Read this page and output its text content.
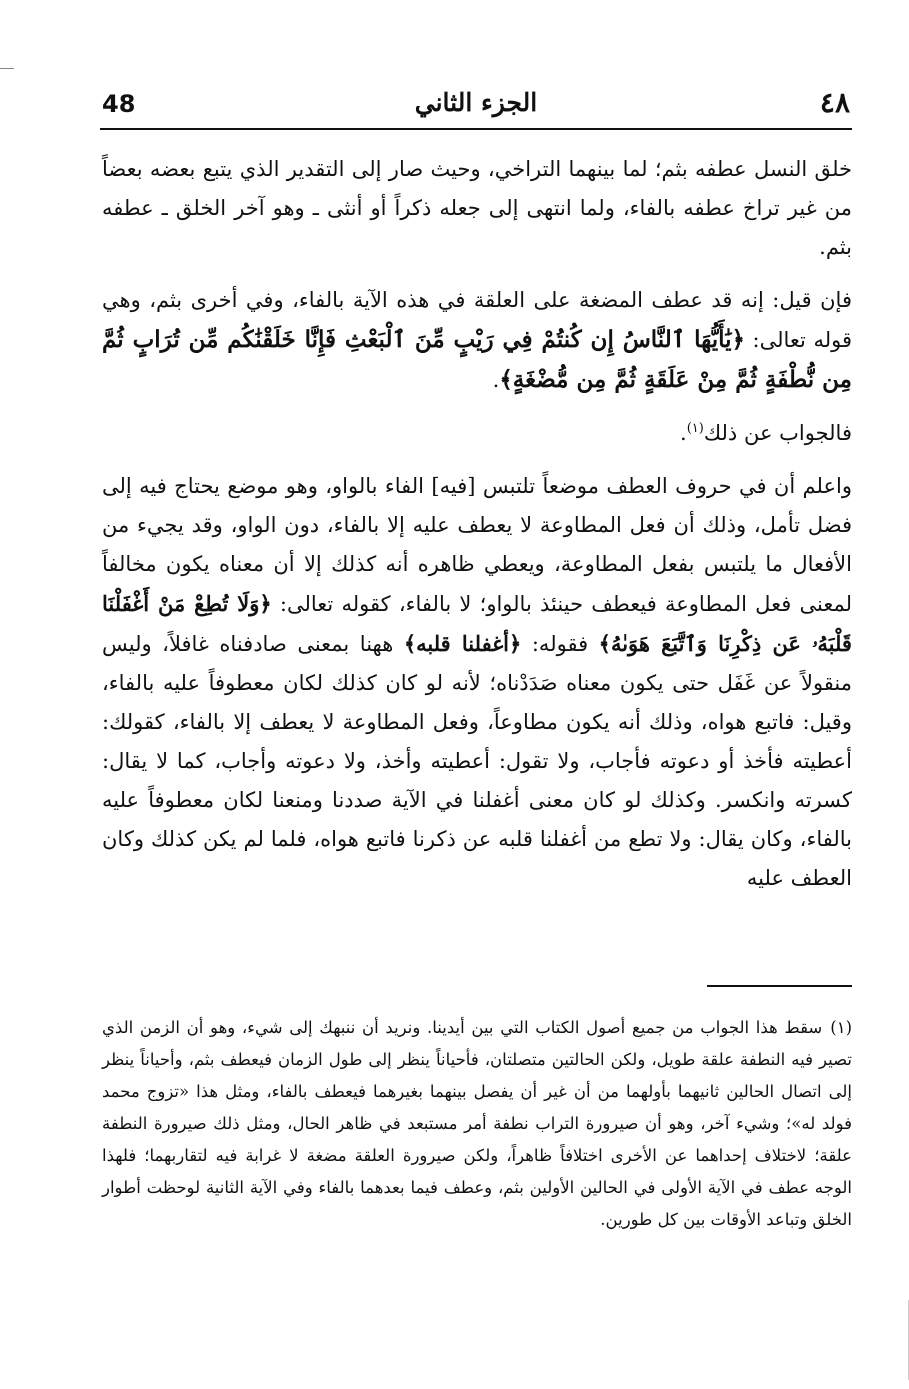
48	الجزء الثاني	٤٨

خلق النسل عطفه بثم؛ لما بينهما التراخي، وحيث صار إلى التقدير الذي يتبع بعضه بعضاً من غير تراخ عطفه بالفاء، ولما انتهى إلى جعله ذكراً أو أنثى ـ وهو آخر الخلق ـ عطفه بثم.

فإن قيل: إنه قد عطف المضغة على العلقة في هذه الآية بالفاء، وفي أخرى بثم، وهي قوله تعالى: ﴿يَٰأَيُّهَا ٱلنَّاسُ إِن كُنتُمْ فِي رَيْبٍ مِّنَ ٱلْبَعْثِ فَإِنَّا خَلَقْنَٰكُم مِّن تُرَابٍ ثُمَّ مِن نُّطْفَةٍ ثُمَّ مِنْ عَلَقَةٍ ثُمَّ مِن مُّضْغَةٍ﴾.

فالجواب عن ذلك$^{(١)}$.

واعلم أن في حروف العطف موضعاً تلتبس [فيه] الفاء بالواو، وهو موضع يحتاج فيه إلى فضل تأمل، وذلك أن فعل المطاوعة لا يعطف عليه إلا بالفاء، دون الواو، وقد يجيء من الأفعال ما يلتبس بفعل المطاوعة، ويعطي ظاهره أنه كذلك إلا أن معناه يكون مخالفاً لمعنى فعل المطاوعة فيعطف حينئذ بالواو؛ لا بالفاء، كقوله تعالى: ﴿وَلَا تُطِعْ مَنْ أَغْفَلْنَا قَلْبَهُۥ عَن ذِكْرِنَا وَٱتَّبَعَ هَوَىٰهُ﴾ فقوله: ﴿أغفلنا قلبه﴾ ههنا بمعنى صادفناه غافلاً، وليس منقولاً عن غَفَل حتى يكون معناه صَدَدْناه؛ لأنه لو كان كذلك لكان معطوفاً عليه بالفاء، وقيل: فاتبع هواه، وذلك أنه يكون مطاوعاً، وفعل المطاوعة لا يعطف إلا بالفاء، كقولك: أعطيته فأخذ أو دعوته فأجاب، ولا تقول: أعطيته وأخذ، ولا دعوته وأجاب، كما لا يقال: كسرته وانكسر. وكذلك لو كان معنى أغفلنا في الآية صددنا ومنعنا لكان معطوفاً عليه بالفاء، وكان يقال: ولا تطع من أغفلنا قلبه عن ذكرنا فاتبع هواه، فلما لم يكن كذلك وكان العطف عليه

(١)سقط هذا الجواب من جميع أصول الكتاب التي بين أيدينا. ونريد أن ننبهك إلى شيء، وهو أن الزمن الذي تصير فيه النطفة علقة طويل، ولكن الحالتين متصلتان، فأحياناً ينظر إلى طول الزمان فيعطف بثم، وأحياناً ينظر إلى اتصال الحالين ثانيهما بأولهما من أن غير أن يفصل بينهما بغيرهما فيعطف بالفاء، ومثل هذا «تزوج محمد فولد له»؛ وشيء آخر، وهو أن صيرورة التراب نطفة أمر مستبعد في ظاهر الحال، ومثل ذلك صيرورة النطفة علقة؛ لاختلاف إحداهما عن الأخرى اختلافاً ظاهراً، ولكن صيرورة العلقة مضغة لا غرابة فيه لتقاربهما؛ فلهذا الوجه عطف في الآية الأولى في الحالين الأولين بثم، وعطف فيما بعدهما بالفاء وفي الآية الثانية لوحظت أطوار الخلق وتباعد الأوقات بين كل طورين.
